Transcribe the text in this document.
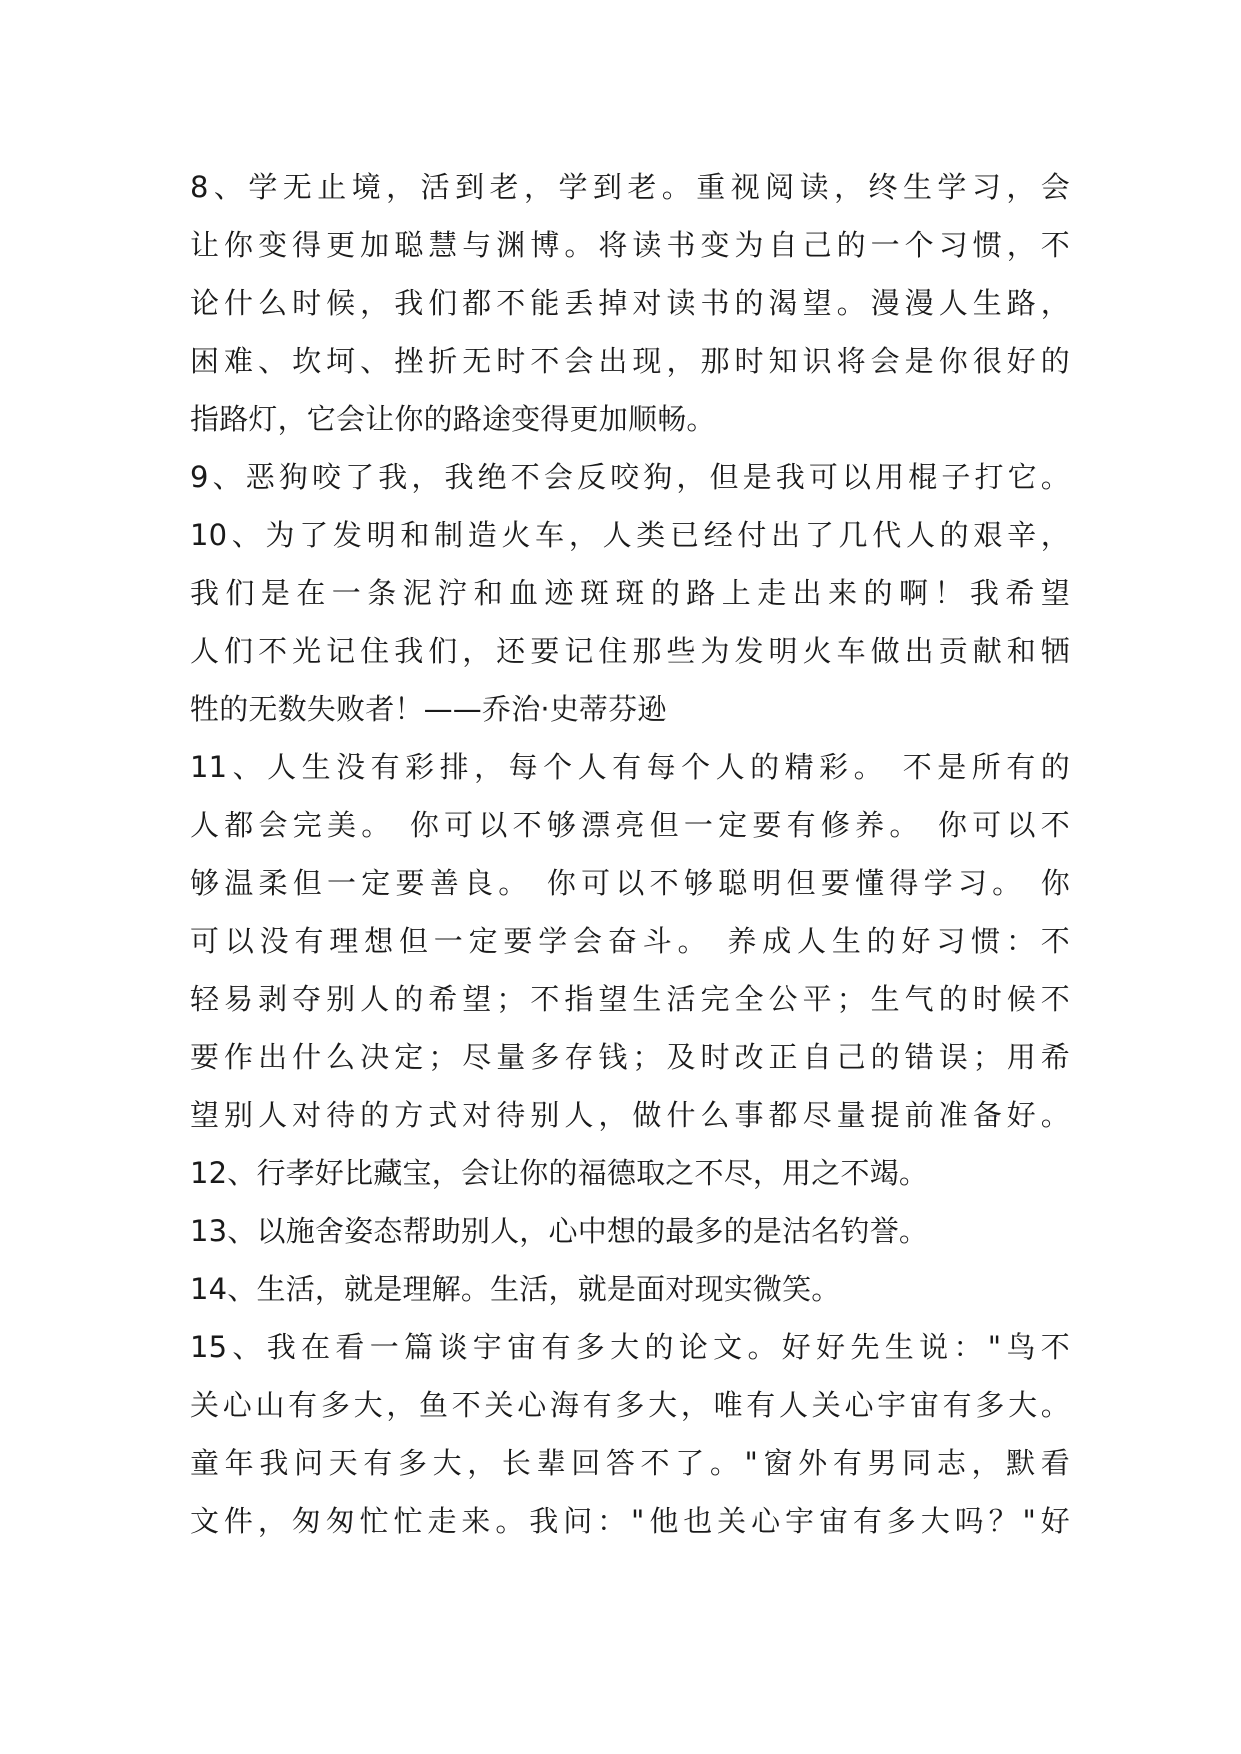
8、学无止境，活到老，学到老。重视阅读，终生学习，会
让你变得更加聪慧与渊博。将读书变为自己的一个习惯，不
论什么时候，我们都不能丢掉对读书的渴望。漫漫人生路，
困难、坎坷、挫折无时不会出现，那时知识将会是你很好的
指路灯，它会让你的路途变得更加顺畅。
9、恶狗咬了我，我绝不会反咬狗，但是我可以用棍子打它。
10、为了发明和制造火车，人类已经付出了几代人的艰辛，
我们是在一条泥泞和血迹斑斑的路上走出来的啊！我希望
人们不光记住我们，还要记住那些为发明火车做出贡献和牺
牲的无数失败者！——乔治·史蒂芬逊
11、人生没有彩排，每个人有每个人的精彩。 不是所有的
人都会完美。 你可以不够漂亮但一定要有修养。 你可以不
够温柔但一定要善良。 你可以不够聪明但要懂得学习。 你
可以没有理想但一定要学会奋斗。 养成人生的好习惯：不
轻易剥夺别人的希望；不指望生活完全公平；生气的时候不
要作出什么决定；尽量多存钱；及时改正自己的错误；用希
望别人对待的方式对待别人，做什么事都尽量提前准备好。
12、行孝好比藏宝，会让你的福德取之不尽，用之不竭。
13、以施舍姿态帮助别人，心中想的最多的是沽名钓誉。
14、生活，就是理解。生活，就是面对现实微笑。
15、我在看一篇谈宇宙有多大的论文。好好先生说："鸟不
关心山有多大，鱼不关心海有多大，唯有人关心宇宙有多大。
童年我问天有多大，长辈回答不了。"窗外有男同志，默看
文件，匆匆忙忙走来。我问："他也关心宇宙有多大吗？"好
